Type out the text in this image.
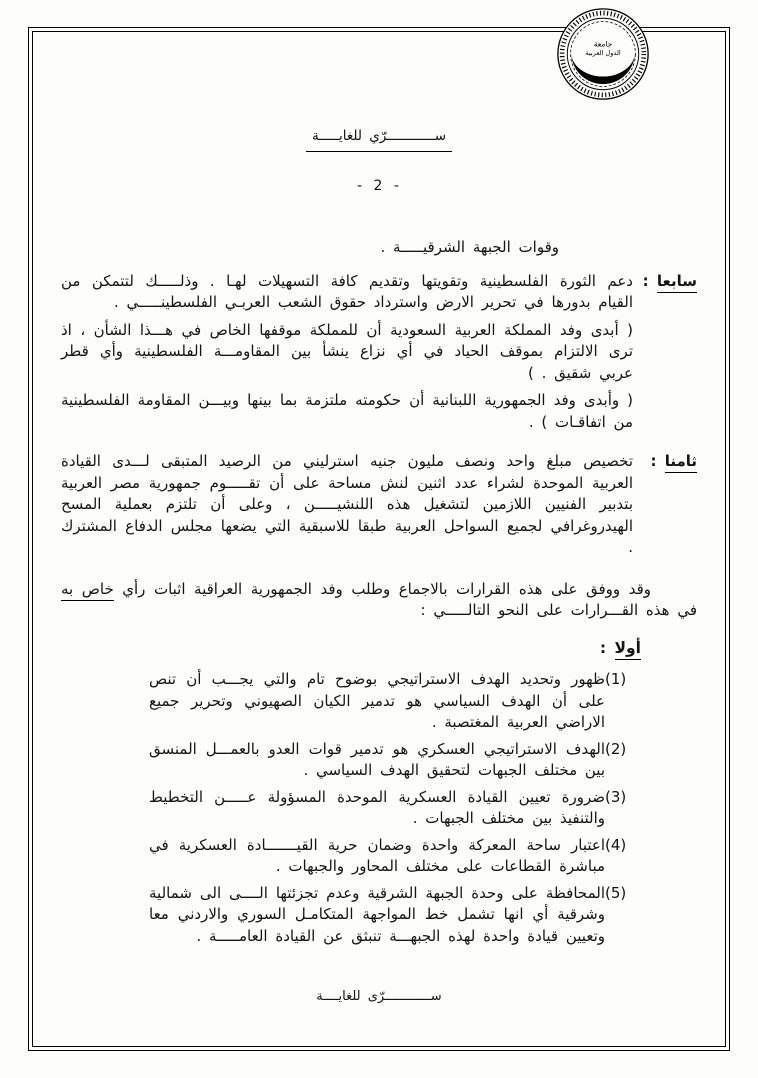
جامعة
الدول العربية
ســــــــــــرّي للغايـــــة
- 2 -
وقوات الجبهة الشرقيـــــة .
سابعا :

دعم الثورة الفلسطينية وتقويتها وتقديم كافة التسهيلات لهـا . وذلـــــك لتتمكن من القيام بدورها في تحرير الارض واسترداد حقوق الشعب العربـي الفلسطينـــــي .

( أبدى وفد المملكة العربية السعودية أن للمملكة موقفها الخاص في هـــذا الشأن ، اذ ترى الالتزام بموقف الحياد في أي نزاع ينشأ بين المقاومـــة الفلسطينية وأي قطر عربي شقيق . )

( وأبدى وفد الجمهورية اللبنانية أن حكومته ملتزمة بما بينها وبيـــن المقاومة الفلسطينية من اتفاقـات ) .

ثامنا :

تخصيص مبلغ واحد ونصف مليون جنيه استرليني من الرصيد المتبقى لـــدى القيادة العربية الموحدة لشراء عدد اثنين لنش مساحة على أن تقـــــوم جمهورية مصر العربية بتدبير الفنيين اللازمين لتشغيل هذه اللنشيـــــن ، وعلى أن تلتزم بعملية المسح الهيدروغرافي لجميع السواحل العربية طبقا للاسبقية التي يضعها مجلس الدفاع المشترك .

وقد ووفق على هذه القرارات بالاجماع وطلب وفد الجمهورية العراقية اثبات رأي خاص به في هذه القـــرارات على النحو التالـــــي :

أولا :
(1)
ظهور وتحديد الهدف الاستراتيجي بوضوح تام والتي يجـــب أن تنص على أن الهدف السياسي هو تدمير الكيان الصهيوني وتحرير جميع الاراضي العربية المغتصبة .
(2)
الهدف الاستراتيجي العسكري هو تدمير قوات العدو بالعمـــل المنسق بين مختلف الجبهات لتحقيق الهدف السياسي .
(3)
ضرورة تعيين القيادة العسكرية الموحدة المسؤولة عـــــن التخطيط والتنفيذ بين مختلف الجبهات .
(4)
اعتبار ساحة المعركة واحدة وضمان حرية القيـــــــادة العسكرية في مباشرة القطاعات على مختلف المحاور والجبهات .
(5)
المحافظة على وحدة الجبهة الشرقية وعدم تجزئتها الــــى الى شمالية وشرقية أي انها تشمل خط المواجهة المتكامـل السوري والاردني معا وتعيين قيادة واحدة لهذه الجبهـــة تنبثق عن القيادة العامـــــة .
ســــــــــــرّى للغايــــة
